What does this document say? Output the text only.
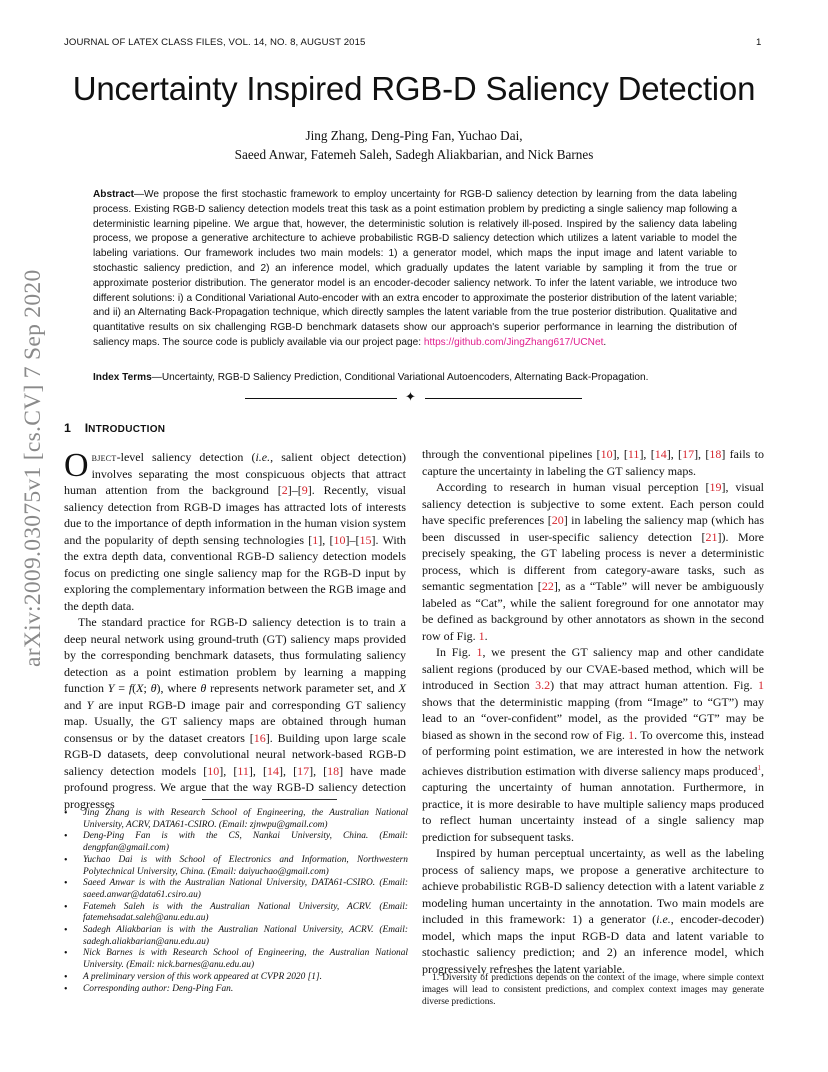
JOURNAL OF LATEX CLASS FILES, VOL. 14, NO. 8, AUGUST 2015	1
arXiv:2009.03075v1 [cs.CV] 7 Sep 2020
Uncertainty Inspired RGB-D Saliency Detection
Jing Zhang, Deng-Ping Fan, Yuchao Dai,
Saeed Anwar, Fatemeh Saleh, Sadegh Aliakbarian, and Nick Barnes
Abstract—We propose the first stochastic framework to employ uncertainty for RGB-D saliency detection by learning from the data labeling process. Existing RGB-D saliency detection models treat this task as a point estimation problem by predicting a single saliency map following a deterministic learning pipeline. We argue that, however, the deterministic solution is relatively ill-posed. Inspired by the saliency data labeling process, we propose a generative architecture to achieve probabilistic RGB-D saliency detection which utilizes a latent variable to model the labeling variations. Our framework includes two main models: 1) a generator model, which maps the input image and latent variable to stochastic saliency prediction, and 2) an inference model, which gradually updates the latent variable by sampling it from the true or approximate posterior distribution. The generator model is an encoder-decoder saliency network. To infer the latent variable, we introduce two different solutions: i) a Conditional Variational Auto-encoder with an extra encoder to approximate the posterior distribution of the latent variable; and ii) an Alternating Back-Propagation technique, which directly samples the latent variable from the true posterior distribution. Qualitative and quantitative results on six challenging RGB-D benchmark datasets show our approach's superior performance in learning the distribution of saliency maps. The source code is publicly available via our project page: https://github.com/JingZhang617/UCNet.
Index Terms—Uncertainty, RGB-D Saliency Prediction, Conditional Variational Autoencoders, Alternating Back-Propagation.
✦
1 INTRODUCTION

Object-level saliency detection (i.e., salient object detection) involves separating the most conspicuous objects that attract human attention from the background [2]–[9]. Recently, visual saliency detection from RGB-D images has attracted lots of interests due to the importance of depth information in the human vision system and the popularity of depth sensing technologies [1], [10]–[15]. With the extra depth data, conventional RGB-D saliency detection models focus on predicting one single saliency map for the RGB-D input by exploring the complementary information between the RGB image and the depth data.

The standard practice for RGB-D saliency detection is to train a deep neural network using ground-truth (GT) saliency maps provided by the corresponding benchmark datasets, thus formulating saliency detection as a point estimation problem by learning a mapping function Y = f(X; θ), where θ represents network parameter set, and X and Y are input RGB-D image pair and corresponding GT saliency map. Usually, the GT saliency maps are obtained through human consensus or by the dataset creators [16]. Building upon large scale RGB-D datasets, deep convolutional neural network-based RGB-D saliency detection models [10], [11], [14], [17], [18] have made profound progress. We argue that the way RGB-D saliency detection progresses

• Jing Zhang is with Research School of Engineering, the Australian National University, ACRV, DATA61-CSIRO. (Email: zjnwpu@gmail.com)
• Deng-Ping Fan is with the CS, Nankai University, China. (Email: dengpfan@gmail.com)
• Yuchao Dai is with School of Electronics and Information, Northwestern Polytechnical University, China. (Email: daiyuchao@gmail.com)
• Saeed Anwar is with the Australian National University, DATA61-CSIRO. (Email: saeed.anwar@data61.csiro.au)
• Fatemeh Saleh is with the Australian National University, ACRV. (Email: fatemehsadat.saleh@anu.edu.au)
• Sadegh Aliakbarian is with the Australian National University, ACRV. (Email: sadegh.aliakbarian@anu.edu.au)
• Nick Barnes is with Research School of Engineering, the Australian National University. (Email: nick.barnes@anu.edu.au)
• A preliminary version of this work appeared at CVPR 2020 [1].
• Corresponding author: Deng-Ping Fan.

through the conventional pipelines [10], [11], [14], [17], [18] fails to capture the uncertainty in labeling the GT saliency maps.

According to research in human visual perception [19], visual saliency detection is subjective to some extent. Each person could have specific preferences [20] in labeling the saliency map (which has been discussed in user-specific saliency detection [21]). More precisely speaking, the GT labeling process is never a deterministic process, which is different from category-aware tasks, such as semantic segmentation [22], as a “Table” will never be ambiguously labeled as “Cat”, while the salient foreground for one annotator may be defined as background by other annotators as shown in the second row of Fig. 1.

In Fig. 1, we present the GT saliency map and other candidate salient regions (produced by our CVAE-based method, which will be introduced in Section 3.2) that may attract human attention. Fig. 1 shows that the deterministic mapping (from “Image” to “GT”) may lead to an “over-confident” model, as the provided “GT” may be biased as shown in the second row of Fig. 1. To overcome this, instead of performing point estimation, we are interested in how the network achieves distribution estimation with diverse saliency maps produced$^1$, capturing the uncertainty of human annotation. Furthermore, in practice, it is more desirable to have multiple saliency maps produced to reflect human uncertainty instead of a single saliency map prediction for subsequent tasks.

Inspired by human perceptual uncertainty, as well as the labeling process of saliency maps, we propose a generative architecture to achieve probabilistic RGB-D saliency detection with a latent variable z modeling human uncertainty in the annotation. Two main models are included in this framework: 1) a generator (i.e., encoder-decoder) model, which maps the input RGB-D data and latent variable to stochastic saliency prediction; and 2) an inference model, which progressively refreshes the latent variable.

1. Diversity of predictions depends on the context of the image, where simple context images will lead to consistent predictions, and complex context images may generate diverse predictions.
